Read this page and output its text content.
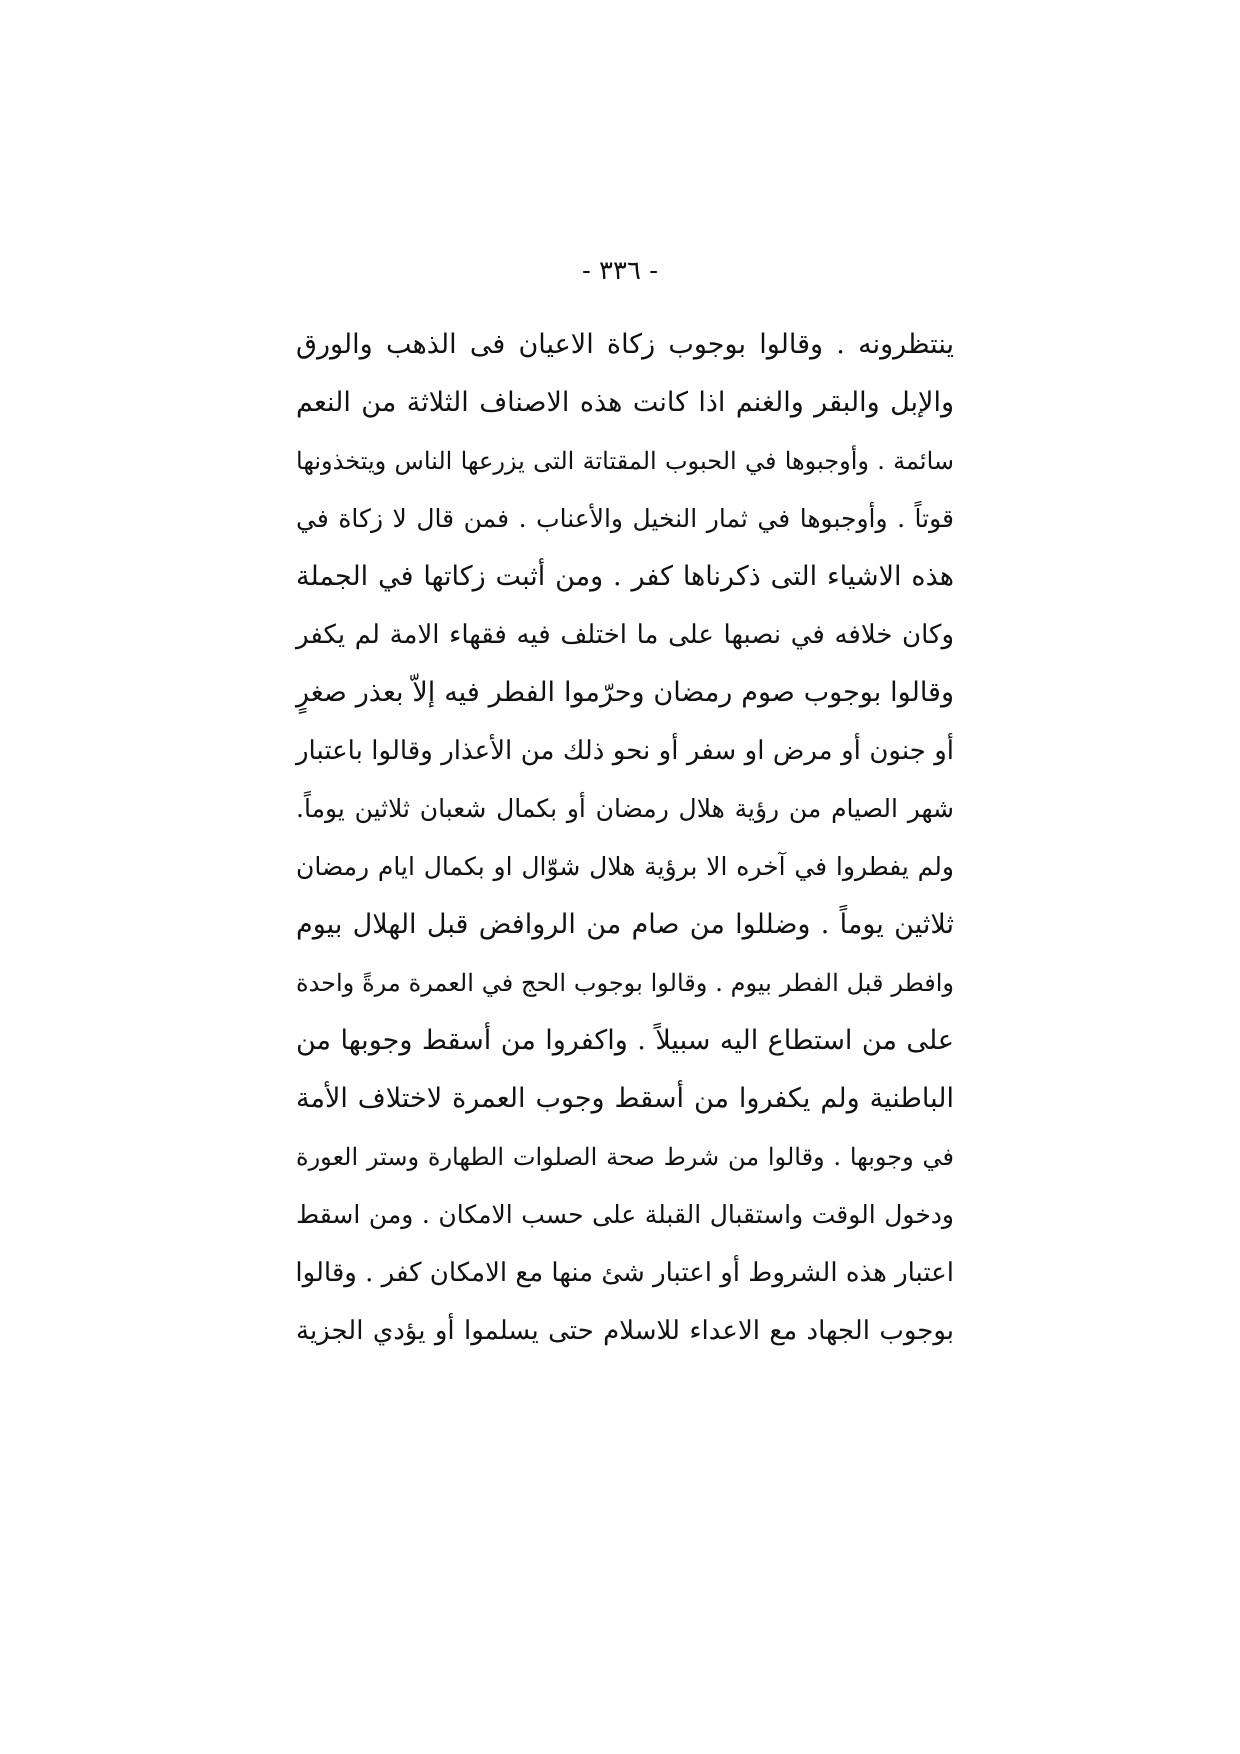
- ٣٣٦ -
ينتظرونه . وقالوا بوجوب زكاة الاعيان فى الذهب والورق
والإبل والبقر والغنم اذا كانت هذه الاصناف الثلاثة من النعم
سائمة . وأوجبوها في الحبوب المقتاتة التى يزرعها الناس ويتخذونها
قوتاً . وأوجبوها في ثمار النخيل والأعناب . فمن قال لا زكاة في
هذه الاشياء التى ذكرناها كفر . ومن أثبت زكاتها في الجملة
وكان خلافه في نصبها على ما اختلف فيه فقهاء الامة لم يكفر
وقالوا بوجوب صوم رمضان وحرّموا الفطر فيه إلاّ بعذر صغرٍ
أو جنون أو مرض او سفر أو نحو ذلك من الأعذار وقالوا باعتبار
شهر الصيام من رؤية هلال رمضان أو بكمال شعبان ثلاثين يوماً.
ولم يفطروا في آخره الا برؤية هلال شوّال او بكمال ايام رمضان
ثلاثين يوماً . وضللوا من صام من الروافض قبل الهلال بيوم
وافطر قبل الفطر بيوم . وقالوا بوجوب الحج في العمرة مرةً واحدة
على من استطاع اليه سبيلاً . واكفروا من أسقط وجوبها من
الباطنية ولم يكفروا من أسقط وجوب العمرة لاختلاف الأمة
في وجوبها . وقالوا من شرط صحة الصلوات الطهارة وستر العورة
ودخول الوقت واستقبال القبلة على حسب الامكان . ومن اسقط
اعتبار هذه الشروط أو اعتبار شئ منها مع الامكان كفر . وقالوا
بوجوب الجهاد مع الاعداء للاسلام حتى يسلموا أو يؤدي الجزية
